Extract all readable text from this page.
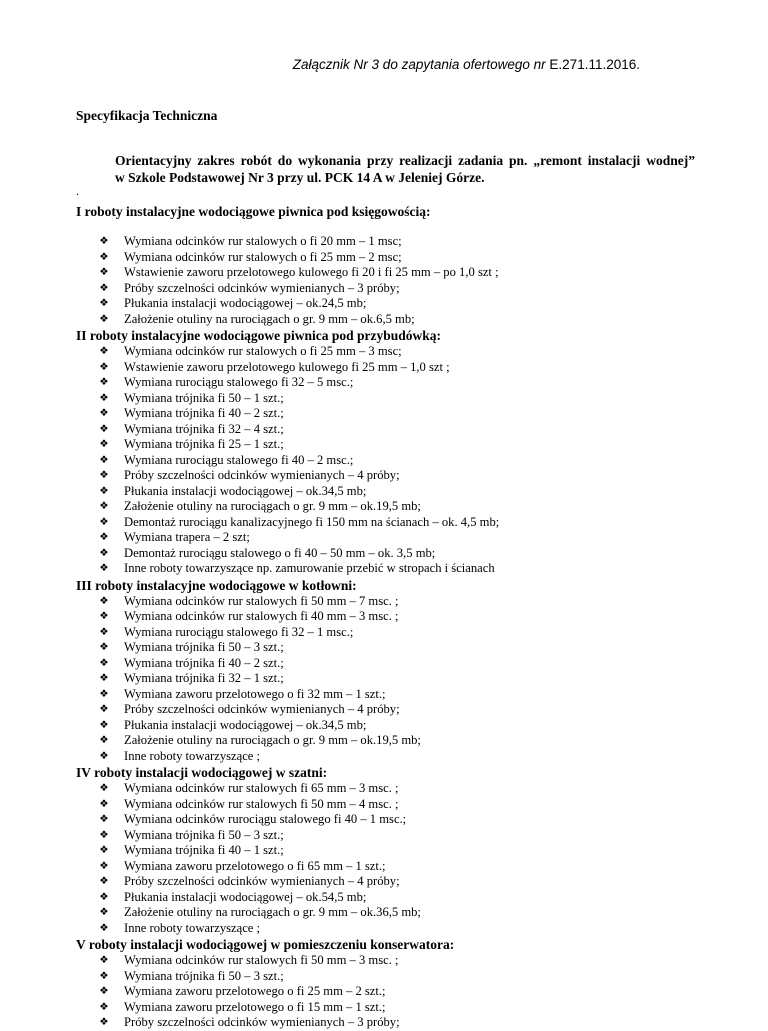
Załącznik Nr 3 do zapytania ofertowego nr E.271.11.2016.
Specyfikacja Techniczna
Orientacyjny zakres robót do wykonania przy realizacji zadania pn. „remont instalacji wodnej”
w Szkole Podstawowej Nr 3 przy ul. PCK 14 A w Jeleniej Górze.
.
I roboty instalacyjne wodociągowe piwnica pod księgowością:
❖	Wymiana odcinków rur stalowych o fi 20 mm – 1 msc;
❖	Wymiana odcinków rur stalowych o fi 25 mm – 2 msc;
❖	Wstawienie zaworu przelotowego kulowego fi 20 i fi 25 mm – po 1,0 szt ;
❖	Próby szczelności odcinków wymienianych – 3 próby;
❖	Płukania instalacji wodociągowej – ok.24,5 mb;
❖	Założenie otuliny na rurociągach o gr. 9 mm – ok.6,5 mb;
II roboty instalacyjne wodociągowe piwnica pod przybudówką:
❖	Wymiana odcinków rur stalowych o fi 25 mm – 3 msc;
❖	Wstawienie zaworu przelotowego kulowego fi 25 mm – 1,0 szt ;
❖	Wymiana rurociągu stalowego fi 32 – 5 msc.;
❖	Wymiana trójnika fi 50 – 1 szt.;
❖	Wymiana trójnika fi 40 – 2 szt.;
❖	Wymiana trójnika fi 32 – 4 szt.;
❖	Wymiana trójnika fi 25 – 1 szt.;
❖	Wymiana rurociągu stalowego fi 40 – 2 msc.;
❖	Próby szczelności odcinków wymienianych – 4 próby;
❖	Płukania instalacji wodociągowej – ok.34,5 mb;
❖	Założenie otuliny na rurociągach o gr. 9 mm – ok.19,5 mb;
❖	Demontaż rurociągu kanalizacyjnego fi 150 mm na ścianach – ok. 4,5 mb;
❖	Wymiana trapera – 2 szt;
❖	Demontaż rurociągu stalowego o fi 40 – 50 mm – ok. 3,5 mb;
❖	Inne roboty towarzyszące np. zamurowanie przebić w stropach i ścianach
III roboty instalacyjne wodociągowe w kotłowni:
❖	Wymiana odcinków rur stalowych fi 50 mm – 7 msc. ;
❖	Wymiana odcinków rur stalowych fi 40 mm – 3 msc. ;
❖	Wymiana rurociągu stalowego fi 32 – 1 msc.;
❖	Wymiana trójnika fi 50 – 3 szt.;
❖	Wymiana trójnika fi 40 – 2 szt.;
❖	Wymiana trójnika fi 32 – 1 szt.;
❖	Wymiana zaworu przelotowego o fi 32 mm – 1 szt.;
❖	Próby szczelności odcinków wymienianych – 4 próby;
❖	Płukania instalacji wodociągowej – ok.34,5 mb;
❖	Założenie otuliny na rurociągach o gr. 9 mm – ok.19,5 mb;
❖	Inne roboty towarzyszące ;
IV roboty instalacji wodociągowej w szatni:
❖	Wymiana odcinków rur stalowych fi 65 mm – 3 msc. ;
❖	Wymiana odcinków rur stalowych fi 50 mm – 4 msc. ;
❖	Wymiana odcinków rurociągu stalowego fi 40 – 1 msc.;
❖	Wymiana trójnika fi 50 – 3 szt.;
❖	Wymiana trójnika fi 40 – 1 szt.;
❖	Wymiana zaworu przelotowego o fi 65 mm – 1 szt.;
❖	Próby szczelności odcinków wymienianych – 4 próby;
❖	Płukania instalacji wodociągowej – ok.54,5 mb;
❖	Założenie otuliny na rurociągach o gr. 9 mm – ok.36,5 mb;
❖	Inne roboty towarzyszące ;
V roboty instalacji wodociągowej w pomieszczeniu konserwatora:
❖	Wymiana odcinków rur stalowych fi 50 mm – 3 msc. ;
❖	Wymiana trójnika fi 50 – 3 szt.;
❖	Wymiana zaworu przelotowego o fi 25 mm – 2 szt.;
❖	Wymiana zaworu przelotowego o fi 15 mm – 1 szt.;
❖	Próby szczelności odcinków wymienianych – 3 próby;
